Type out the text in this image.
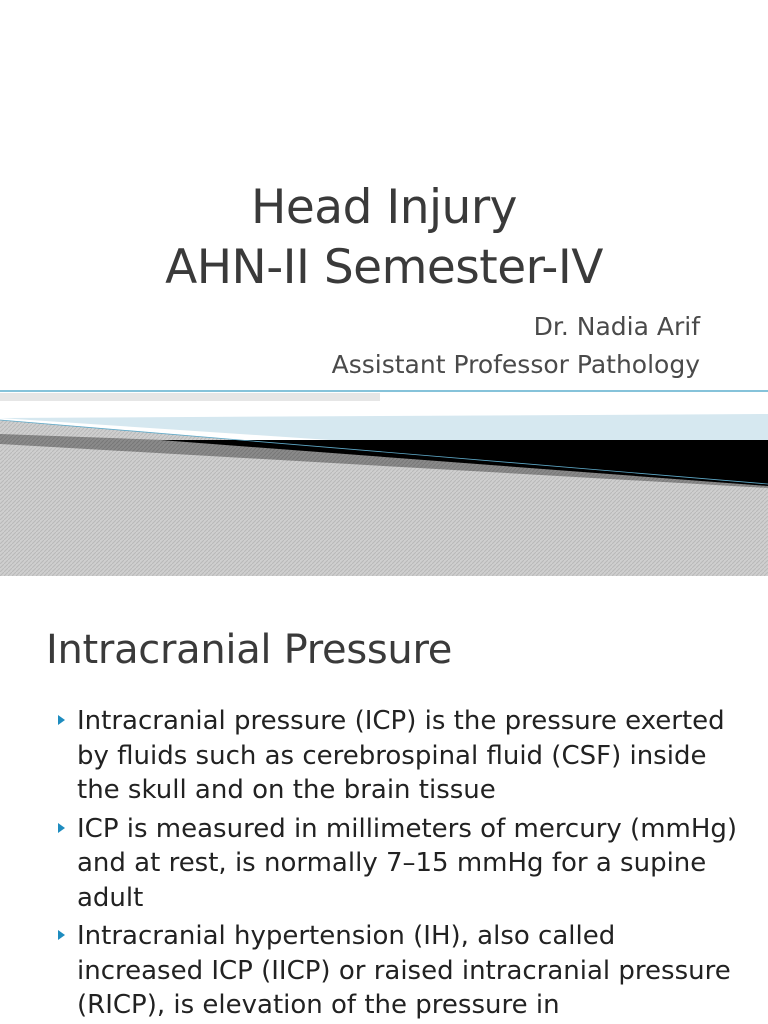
Head Injury
AHN-II Semester-IV
Dr. Nadia Arif
Assistant Professor Pathology
Intracranial Pressure
Intracranial pressure (ICP) is the pressure exerted by fluids such as cerebrospinal fluid (CSF) inside the skull and on the brain tissue
ICP is measured in millimeters of mercury (mmHg) and at rest, is normally 7–15 mmHg for a supine adult
Intracranial hypertension (IH), also called increased ICP (IICP) or raised intracranial pressure (RICP), is elevation of the pressure in
